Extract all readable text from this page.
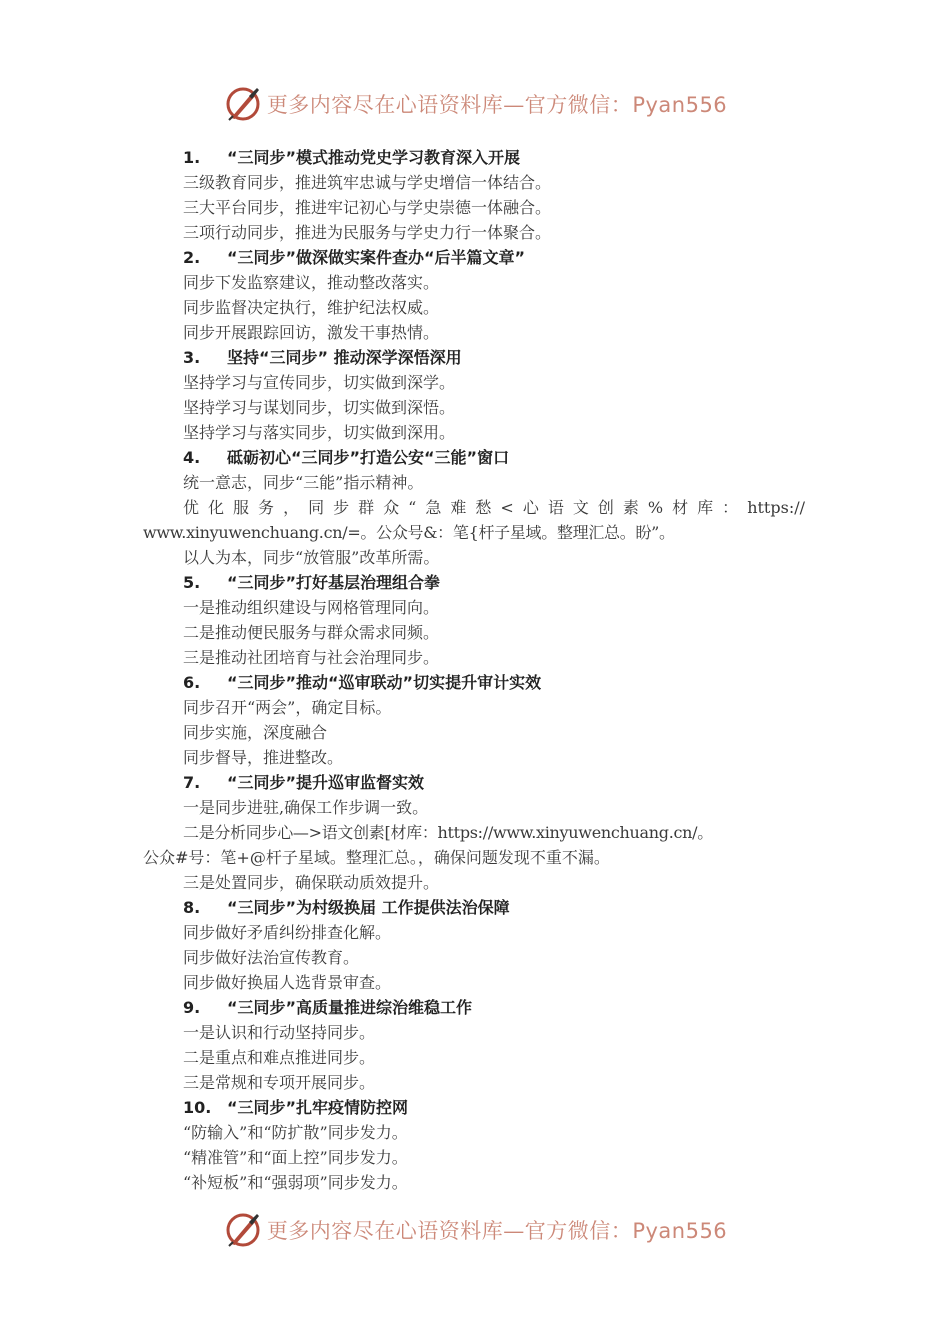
更多内容尽在心语资料库—官方微信：Pyan556
1. “三同步”模式推动党史学习教育深入开展
三级教育同步，推进筑牢忠诚与学史增信一体结合。
三大平台同步，推进牢记初心与学史崇德一体融合。
三项行动同步，推进为民服务与学史力行一体聚合。
2. “三同步”做深做实案件查办“后半篇文章”
同步下发监察建议，推动整改落实。
同步监督决定执行，维护纪法权威。
同步开展跟踪回访，激发干事热情。
3. 坚持“三同步” 推动深学深悟深用
坚持学习与宣传同步，切实做到深学。
坚持学习与谋划同步，切实做到深悟。
坚持学习与落实同步，切实做到深用。
4. 砥砺初心“三同步”打造公安“三能”窗口
统一意志，同步“三能”指示精神。
优化服务，同步群众“急难愁<心语文创素%材库：https://
www.xinyuwenchuang.cn/=。公众号&：笔{杆子星域。整理汇总。盼”。
以人为本，同步“放管服”改革所需。
5. “三同步”打好基层治理组合拳
一是推动组织建设与网格管理同向。
二是推动便民服务与群众需求同频。
三是推动社团培育与社会治理同步。
6. “三同步”推动“巡审联动”切实提升审计实效
同步召开“两会”，确定目标。
同步实施，深度融合
同步督导，推进整改。
7. “三同步”提升巡审监督实效
一是同步进驻,确保工作步调一致。
二是分析同步心—>语文创素[材库：https://www.xinyuwenchuang.cn/。
公众#号：笔+@杆子星域。整理汇总。，确保问题发现不重不漏。
三是处置同步，确保联动质效提升。
8. “三同步”为村级换届 工作提供法治保障
同步做好矛盾纠纷排查化解。
同步做好法治宣传教育。
同步做好换届人选背景审查。
9. “三同步”高质量推进综治维稳工作
一是认识和行动坚持同步。
二是重点和难点推进同步。
三是常规和专项开展同步。
10. “三同步”扎牢疫情防控网
“防输入”和“防扩散”同步发力。
“精准管”和“面上控”同步发力。
“补短板”和“强弱项”同步发力。
更多内容尽在心语资料库—官方微信：Pyan556
